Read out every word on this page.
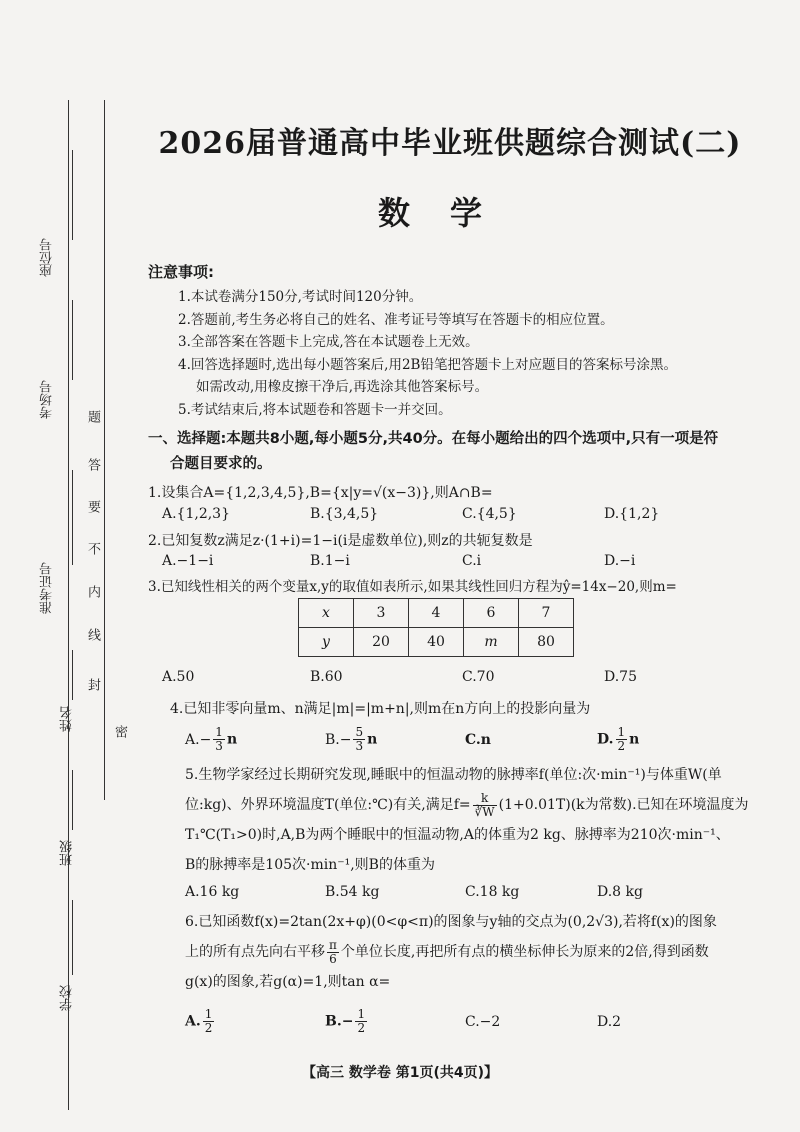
座位号
考场号
准考证号
姓名
班级
学校
题
答
要
不
内
线
封
密
2026届普通高中毕业班供题综合测试(二)
数学
注意事项:
1.本试卷满分150分,考试时间120分钟。
2.答题前,考生务必将自己的姓名、准考证号等填写在答题卡的相应位置。
3.全部答案在答题卡上完成,答在本试题卷上无效。
4.回答选择题时,选出每小题答案后,用2B铅笔把答题卡上对应题目的答案标号涂黑。
如需改动,用橡皮擦干净后,再选涂其他答案标号。
5.考试结束后,将本试题卷和答题卡一并交回。
一、选择题:本题共8小题,每小题5分,共40分。在每小题给出的四个选项中,只有一项是符
合题目要求的。
1.设集合A={1,2,3,4,5},B={x|y=√(x−3)},则A∩B=
A.{1,2,3}	B.{3,4,5}	C.{4,5}	D.{1,2}
2.已知复数z满足z·(1+i)=1−i(i是虚数单位),则z的共轭复数是
A.−1−i	B.1−i	C.i	D.−i
3.已知线性相关的两个变量x,y的取值如表所示,如果其线性回归方程为ŷ=14x−20,则m=
x	3	4	6	7
y	20	40	m	80
A.50	B.60	C.70	D.75
4.已知非零向量m、n满足|m|=|m+n|,则m在n方向上的投影向量为
$A.- \frac{1}{3}$ n	$B.- \frac{5}{3}$ n	C.n	D. $\frac{1}{2}$ n
5.生物学家经过长期研究发现,睡眠中的恒温动物的脉搏率f(单位:次·min⁻¹)与体重W(单
位:kg)、外界环境温度T(单位:℃)有关,满足$f= \frac{k}{∛W} (1+0.01T)(k$为常数).已知在环境温度为
T₁℃(T₁>0)时,A,B为两个睡眠中的恒温动物,A的体重为2 kg、脉搏率为210次·min⁻¹、
B的脉搏率是105次·min⁻¹,则B的体重为
A.16 kg	B.54 kg	C.18 kg	D.8 kg
6.已知函数f(x)=2tan(2x+φ)(0<φ<π)的图象与y轴的交点为(0,2√3),若将f(x)的图象
上的所有点先向右平移 $\frac{\pi}{6}$ 个单位长度,再把所有点的横坐标伸长为原来的2倍,得到函数
g(x)的图象,若g(α)=1,则tan α=
A. $\frac{1}{2}$	$B.- \frac{1}{2}$	C.−2	D.2
【高三 数学卷 第1页(共4页)】
